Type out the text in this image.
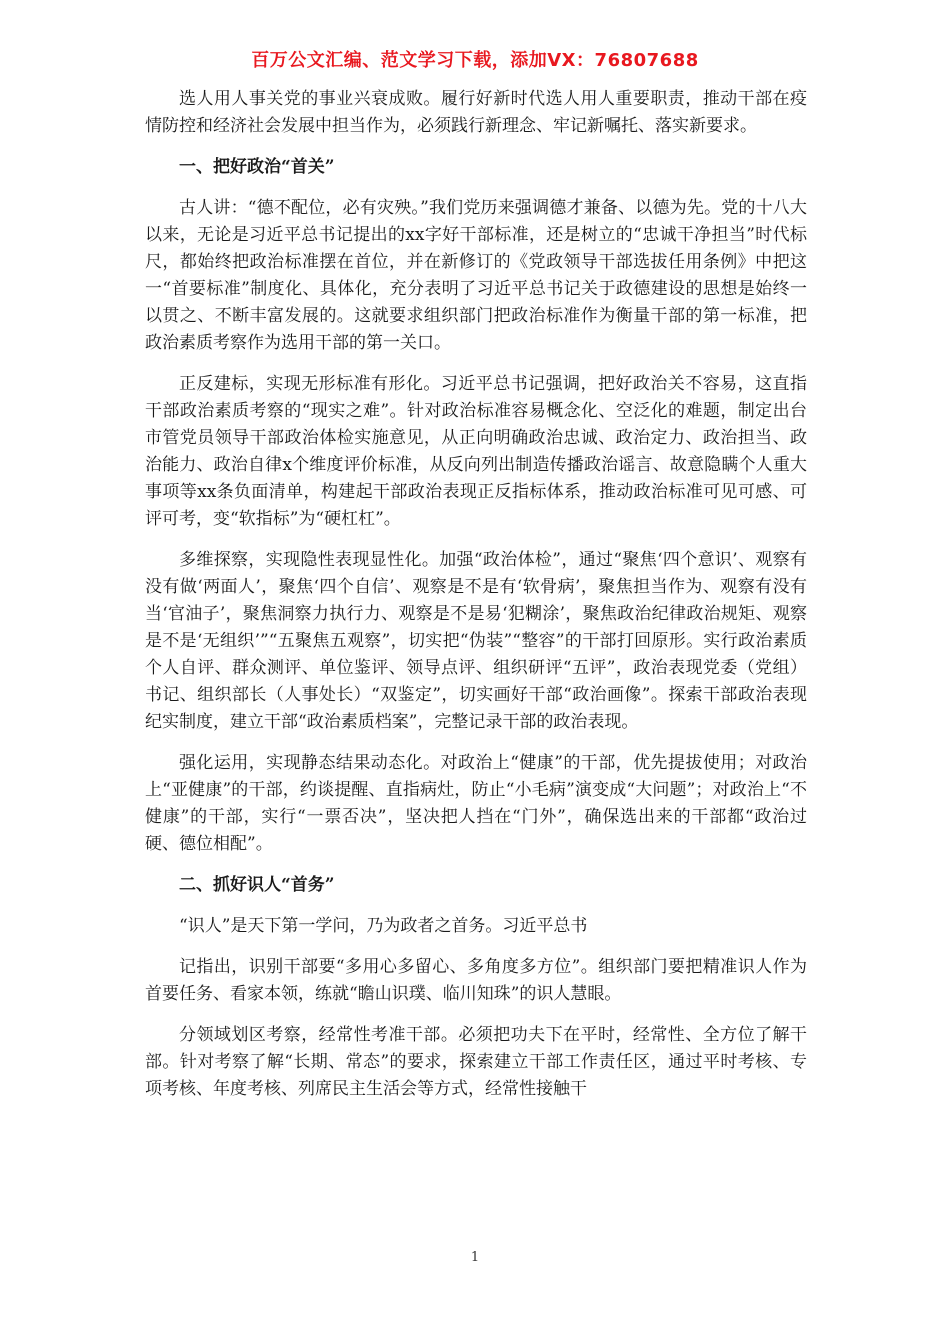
百万公文汇编、范文学习下载，添加VX：76807688

选人用人事关党的事业兴衰成败。履行好新时代选人用人重要职责，推动干部在疫情防控和经济社会发展中担当作为，必须践行新理念、牢记新嘱托、落实新要求。

一、把好政治“首关”

古人讲：“德不配位，必有灾殃。”我们党历来强调德才兼备、以德为先。党的十八大以来，无论是习近平总书记提出的xx字好干部标准，还是树立的“忠诚干净担当”时代标尺，都始终把政治标准摆在首位，并在新修订的《党政领导干部选拔任用条例》中把这一“首要标准”制度化、具体化，充分表明了习近平总书记关于政德建设的思想是始终一以贯之、不断丰富发展的。这就要求组织部门把政治标准作为衡量干部的第一标准，把政治素质考察作为选用干部的第一关口。

正反建标，实现无形标准有形化。习近平总书记强调，把好政治关不容易，这直指干部政治素质考察的“现实之难”。针对政治标准容易概念化、空泛化的难题，制定出台市管党员领导干部政治体检实施意见，从正向明确政治忠诚、政治定力、政治担当、政治能力、政治自律x个维度评价标准，从反向列出制造传播政治谣言、故意隐瞒个人重大事项等xx条负面清单，构建起干部政治表现正反指标体系，推动政治标准可见可感、可评可考，变“软指标”为“硬杠杠”。

多维探察，实现隐性表现显性化。加强“政治体检”，通过“聚焦‘四个意识’、观察有没有做‘两面人’，聚焦‘四个自信’、观察是不是有‘软骨病’，聚焦担当作为、观察有没有当‘官油子’，聚焦洞察力执行力、观察是不是易‘犯糊涂’，聚焦政治纪律政治规矩、观察是不是‘无组织’”“五聚焦五观察”，切实把“伪装”“整容”的干部打回原形。实行政治素质个人自评、群众测评、单位鉴评、领导点评、组织研评“五评”，政治表现党委（党组）书记、组织部长（人事处长）“双鉴定”，切实画好干部“政治画像”。探索干部政治表现纪实制度，建立干部“政治素质档案”，完整记录干部的政治表现。

强化运用，实现静态结果动态化。对政治上“健康”的干部，优先提拔使用；对政治上“亚健康”的干部，约谈提醒、直指病灶，防止“小毛病”演变成“大问题”；对政治上“不健康”的干部，实行“一票否决”，坚决把人挡在“门外”，确保选出来的干部都“政治过硬、德位相配”。

二、抓好识人“首务”

“识人”是天下第一学问，乃为政者之首务。习近平总书

记指出，识别干部要“多用心多留心、多角度多方位”。组织部门要把精准识人作为首要任务、看家本领，练就“瞻山识璞、临川知珠”的识人慧眼。

分领域划区考察，经常性考准干部。必须把功夫下在平时，经常性、全方位了解干部。针对考察了解“长期、常态”的要求，探索建立干部工作责任区，通过平时考核、专项考核、年度考核、列席民主生活会等方式，经常性接触干

1
